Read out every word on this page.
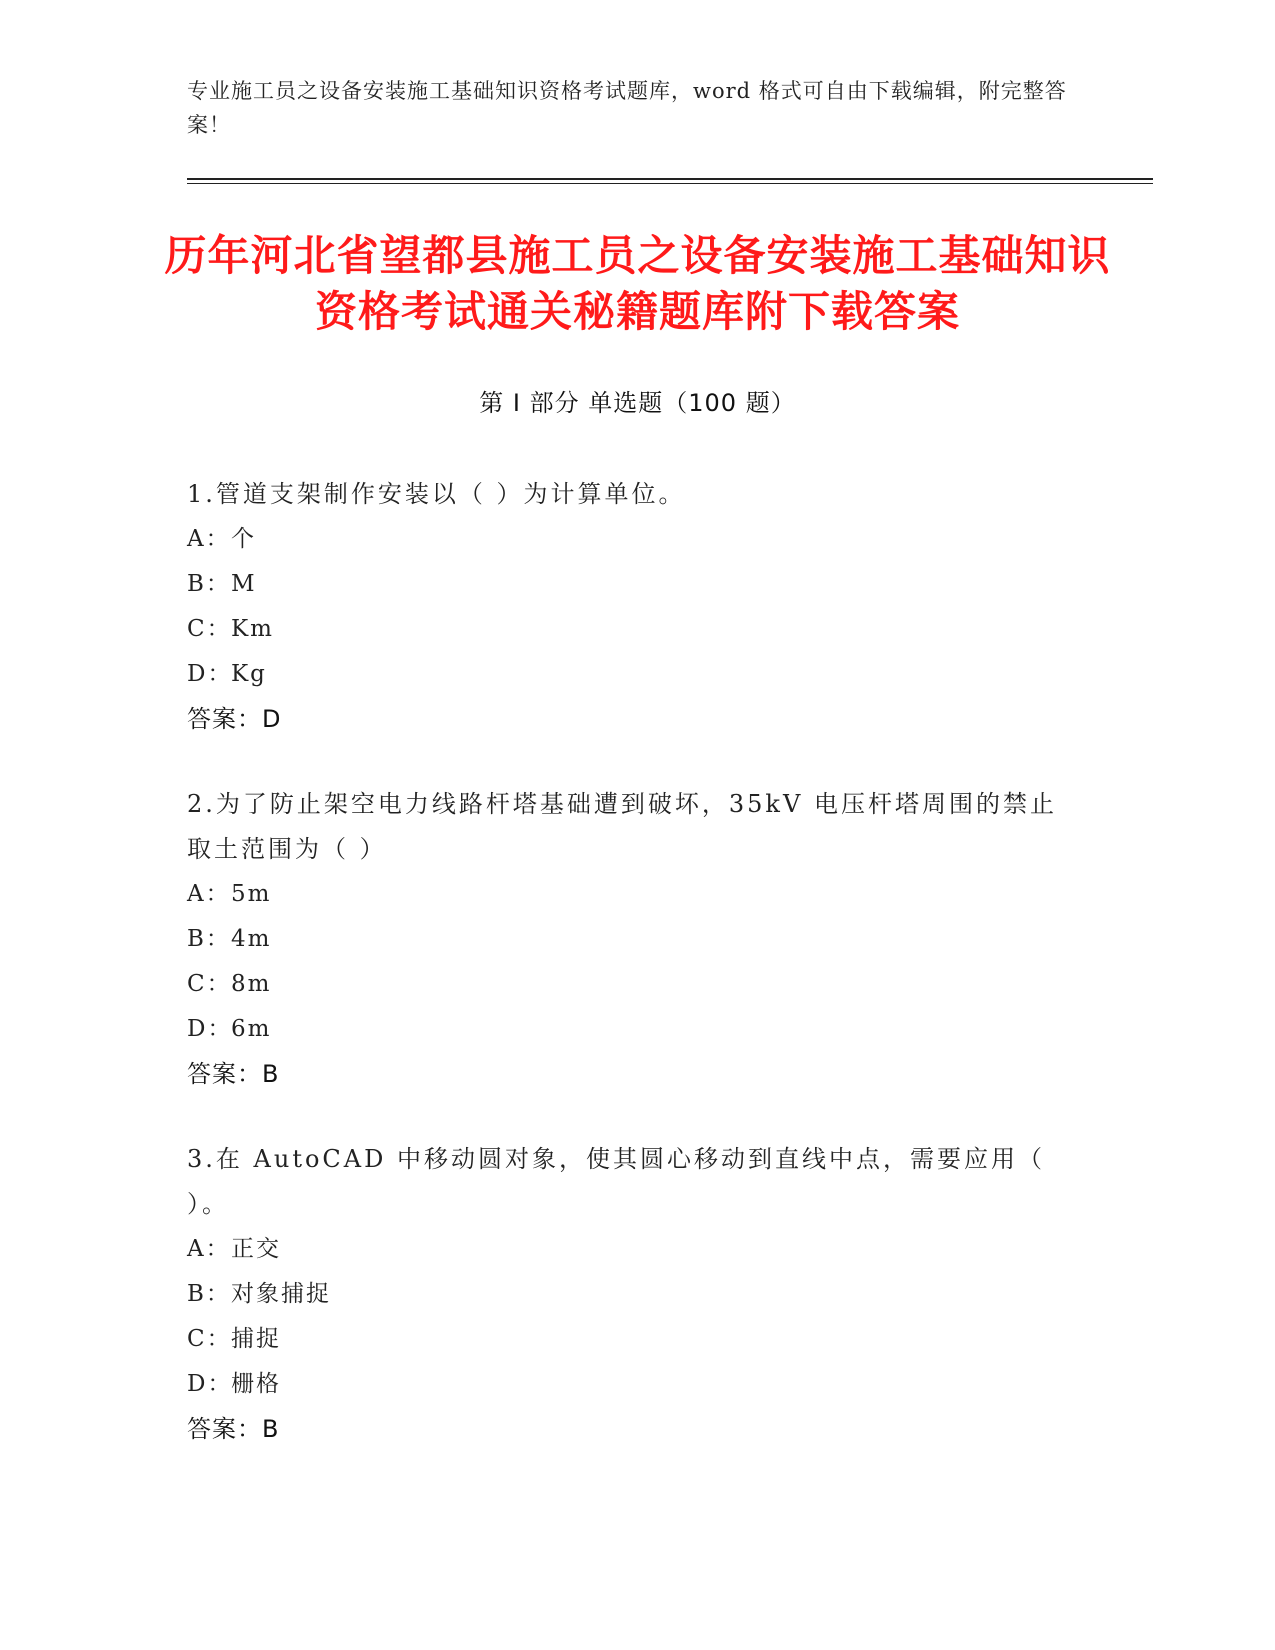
专业施工员之设备安装施工基础知识资格考试题库，word 格式可自由下载编辑，附完整答案！
历年河北省望都县施工员之设备安装施工基础知识资格考试通关秘籍题库附下载答案
第 I 部分 单选题（100 题）
1.管道支架制作安装以（ ）为计算单位。
A：个
B：M
C：Km
D：Kg
答案：D
2.为了防止架空电力线路杆塔基础遭到破坏，35kV 电压杆塔周围的禁止取土范围为（ ）
A：5m
B：4m
C：8m
D：6m
答案：B
3.在 AutoCAD 中移动圆对象，使其圆心移动到直线中点，需要应用（ ）。
A：正交
B：对象捕捉
C：捕捉
D：栅格
答案：B
